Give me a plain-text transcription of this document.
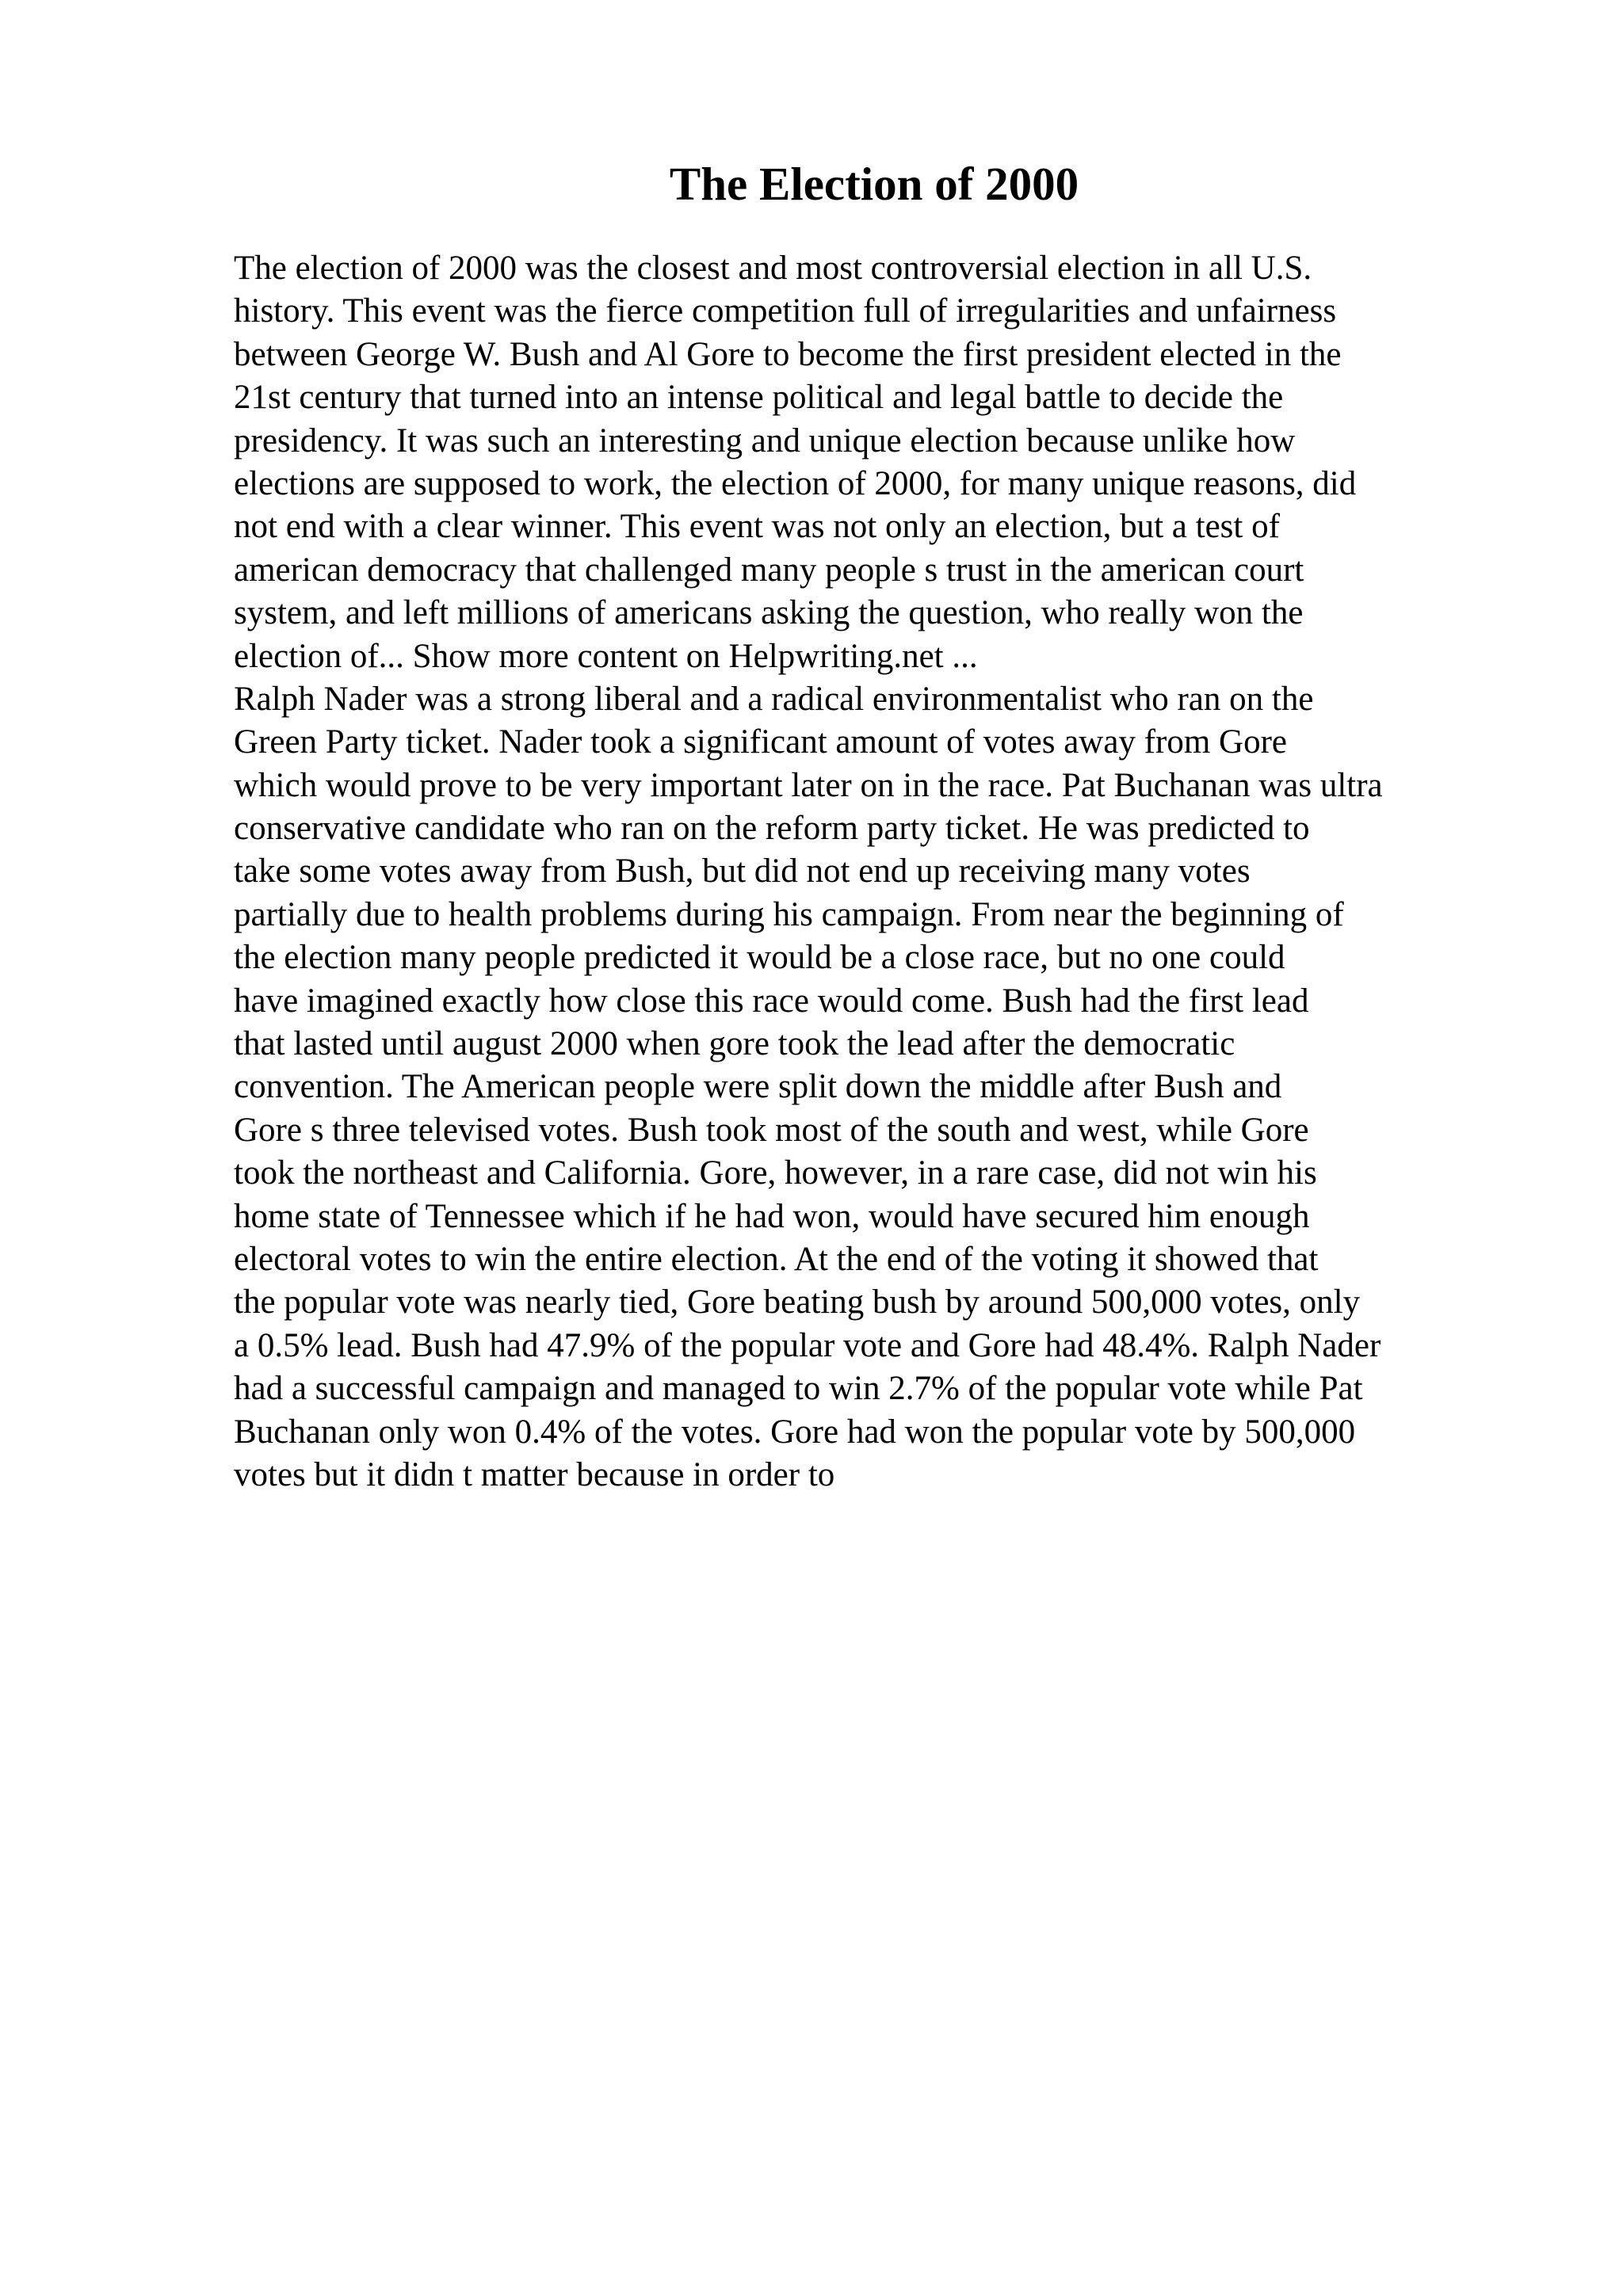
The Election of 2000
The election of 2000 was the closest and most controversial election in all U.S.
history. This event was the fierce competition full of irregularities and unfairness
between George W. Bush and Al Gore to become the first president elected in the
21st century that turned into an intense political and legal battle to decide the
presidency. It was such an interesting and unique election because unlike how
elections are supposed to work, the election of 2000, for many unique reasons, did
not end with a clear winner. This event was not only an election, but a test of
american democracy that challenged many people s trust in the american court
system, and left millions of americans asking the question, who really won the
election of... Show more content on Helpwriting.net ...
Ralph Nader was a strong liberal and a radical environmentalist who ran on the
Green Party ticket. Nader took a significant amount of votes away from Gore
which would prove to be very important later on in the race. Pat Buchanan was ultra
conservative candidate who ran on the reform party ticket. He was predicted to
take some votes away from Bush, but did not end up receiving many votes
partially due to health problems during his campaign. From near the beginning of
the election many people predicted it would be a close race, but no one could
have imagined exactly how close this race would come. Bush had the first lead
that lasted until august 2000 when gore took the lead after the democratic
convention. The American people were split down the middle after Bush and
Gore s three televised votes. Bush took most of the south and west, while Gore
took the northeast and California. Gore, however, in a rare case, did not win his
home state of Tennessee which if he had won, would have secured him enough
electoral votes to win the entire election. At the end of the voting it showed that
the popular vote was nearly tied, Gore beating bush by around 500,000 votes, only
a 0.5% lead. Bush had 47.9% of the popular vote and Gore had 48.4%. Ralph Nader
had a successful campaign and managed to win 2.7% of the popular vote while Pat
Buchanan only won 0.4% of the votes. Gore had won the popular vote by 500,000
votes but it didn t matter because in order to
